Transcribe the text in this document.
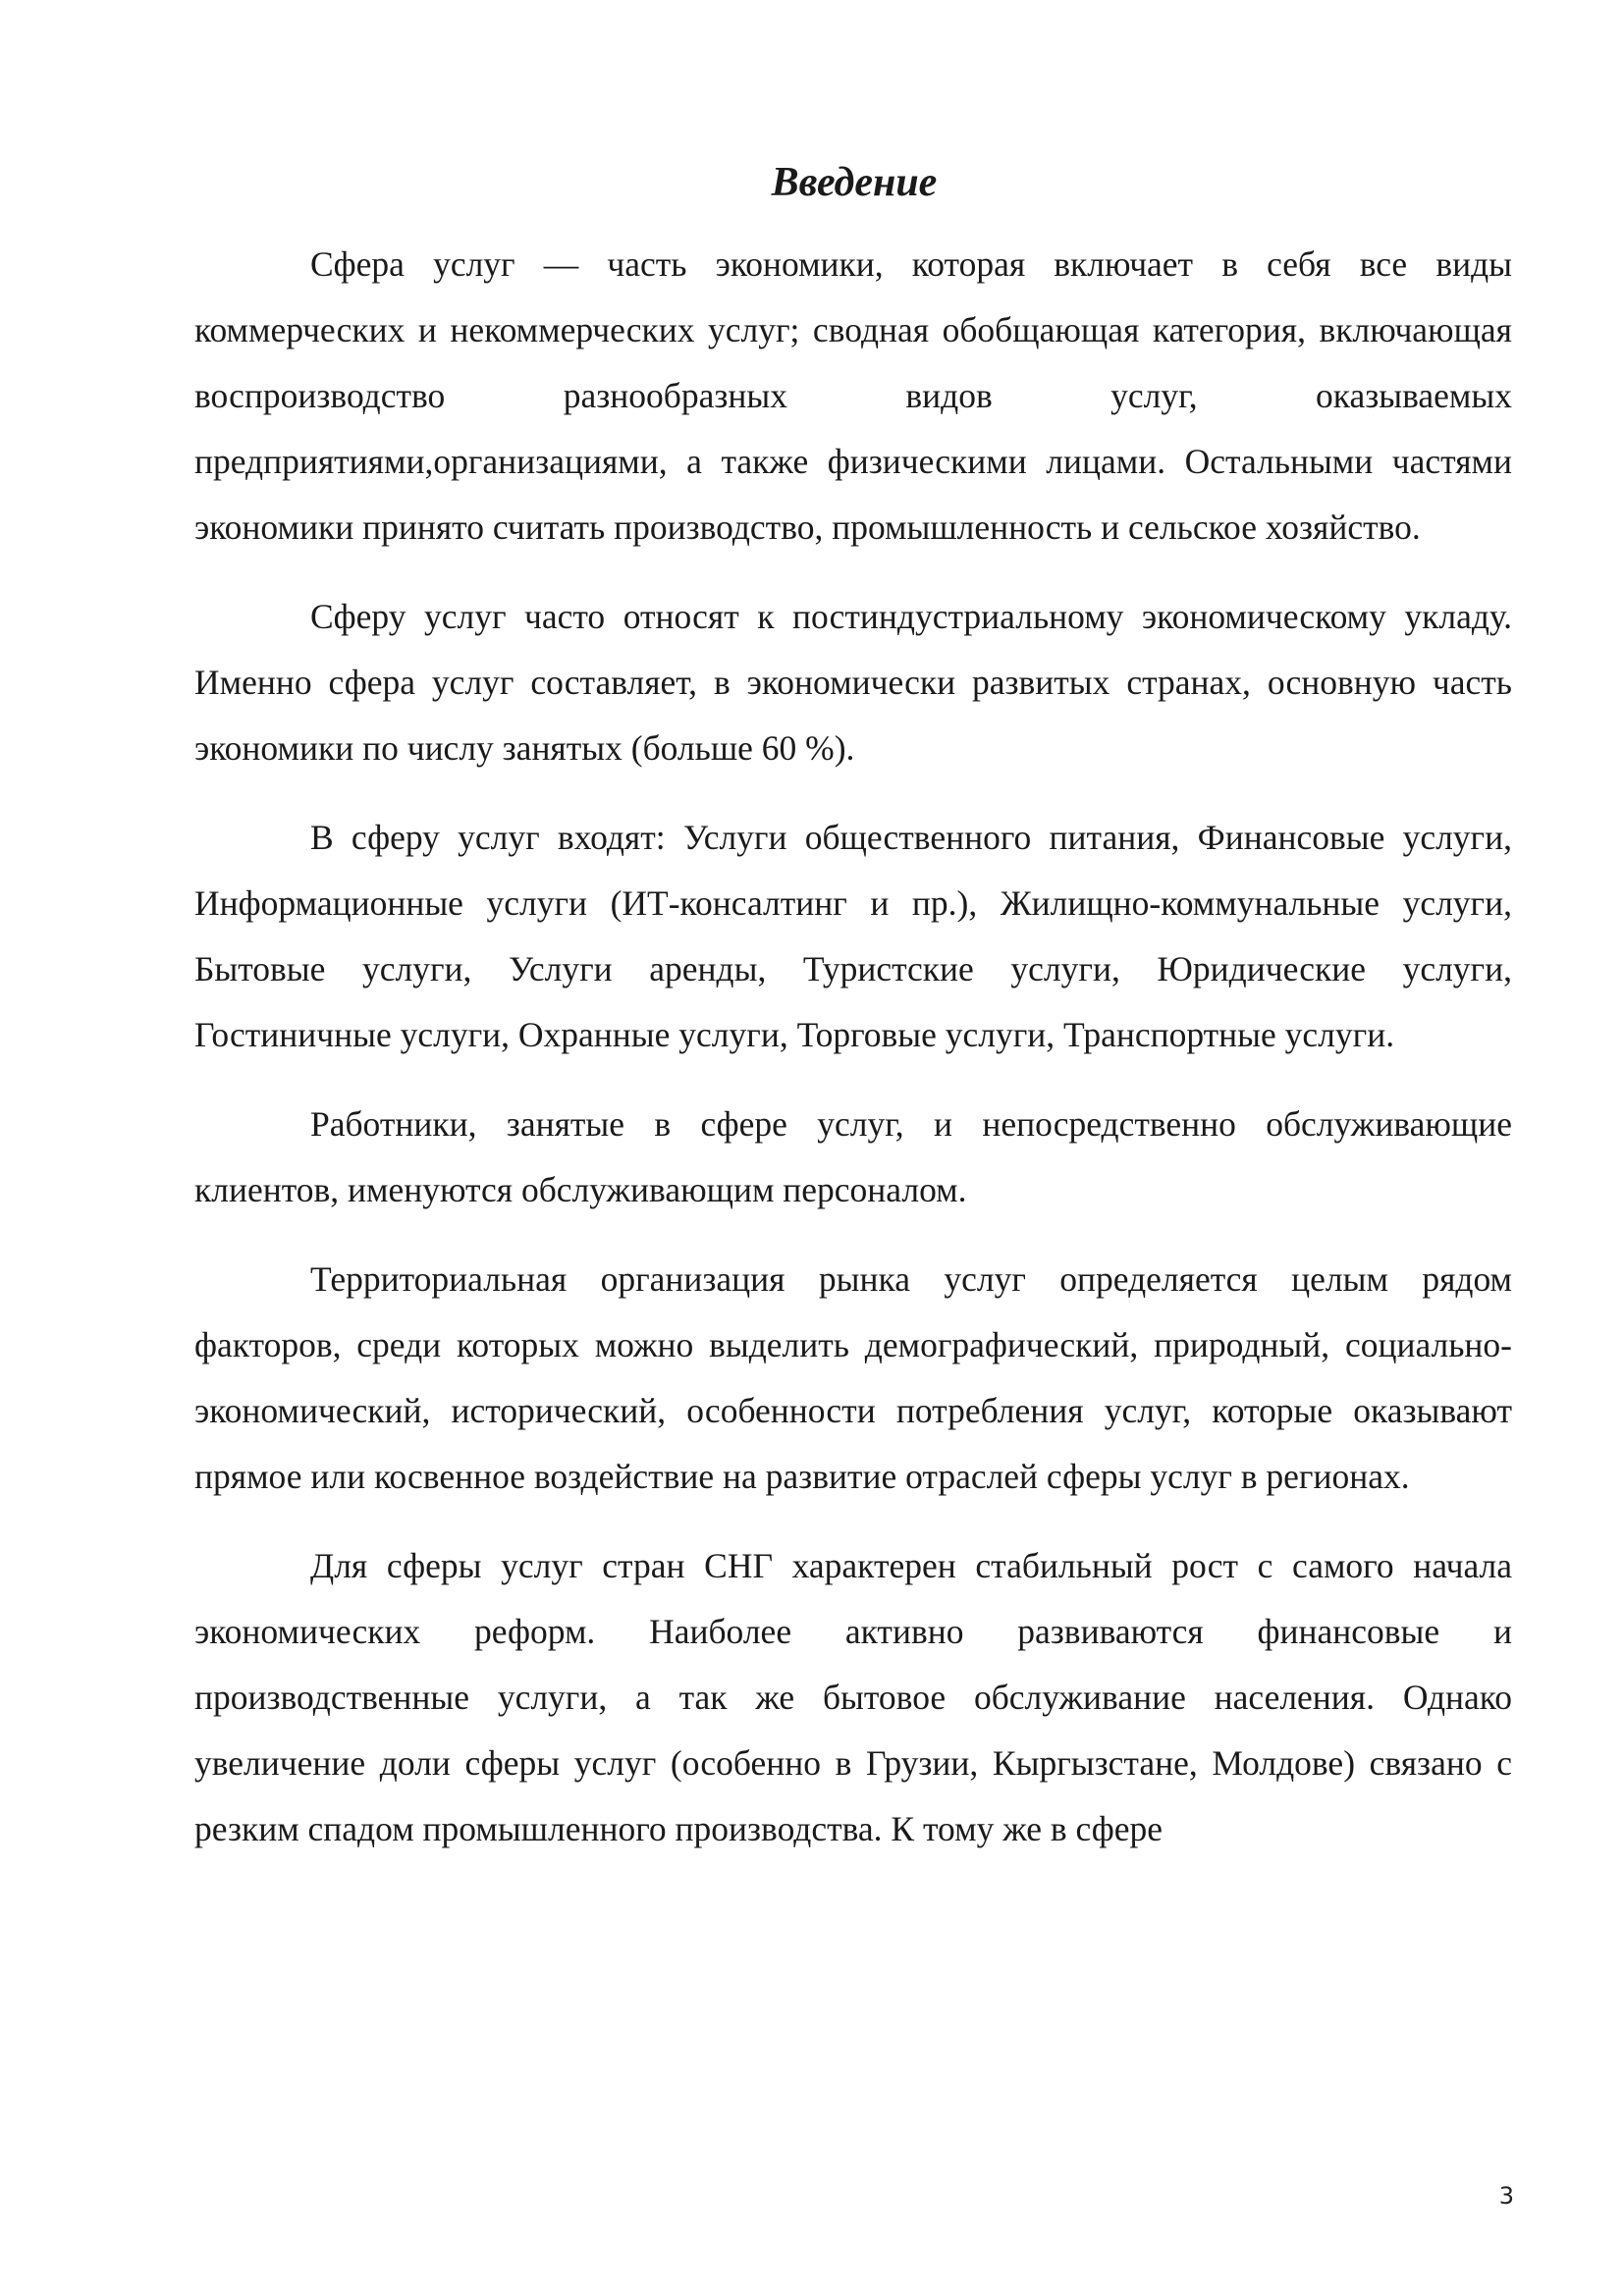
Введение

Сфера услуг — часть экономики, которая включает в себя все виды коммерческих и некоммерческих услуг; сводная обобщающая категория, включающая воспроизводство разнообразных видов услуг, оказываемых предприятиями,организациями, а также физическими лицами. Остальными частями экономики принято считать производство, промышленность и сельское хозяйство.

Сферу услуг часто относят к постиндустриальному экономическому укладу. Именно сфера услуг составляет, в экономически развитых странах, основную часть экономики по числу занятых (больше 60 %).

В сферу услуг входят: Услуги общественного питания, Финансовые услуги, Информационные услуги (ИТ-консалтинг и пр.), Жилищно-коммунальные услуги, Бытовые услуги, Услуги аренды, Туристские услуги, Юридические услуги, Гостиничные услуги, Охранные услуги, Торговые услуги, Транспортные услуги.

Работники, занятые в сфере услуг, и непосредственно обслуживающие клиентов, именуются обслуживающим персоналом.

Территориальная организация рынка услуг определяется целым рядом факторов, среди которых можно выделить демографический, природный, социально-экономический, исторический, особенности потребления услуг, которые оказывают прямое или косвенное воздействие на развитие отраслей сферы услуг в регионах.

Для сферы услуг стран СНГ характерен стабильный рост с самого начала экономических реформ. Наиболее активно развиваются финансовые и производственные услуги, а так же бытовое обслуживание населения. Однако увеличение доли сферы услуг (особенно в Грузии, Кыргызстане, Молдове) связано с резким спадом промышленного производства. К тому же в сфере

3
